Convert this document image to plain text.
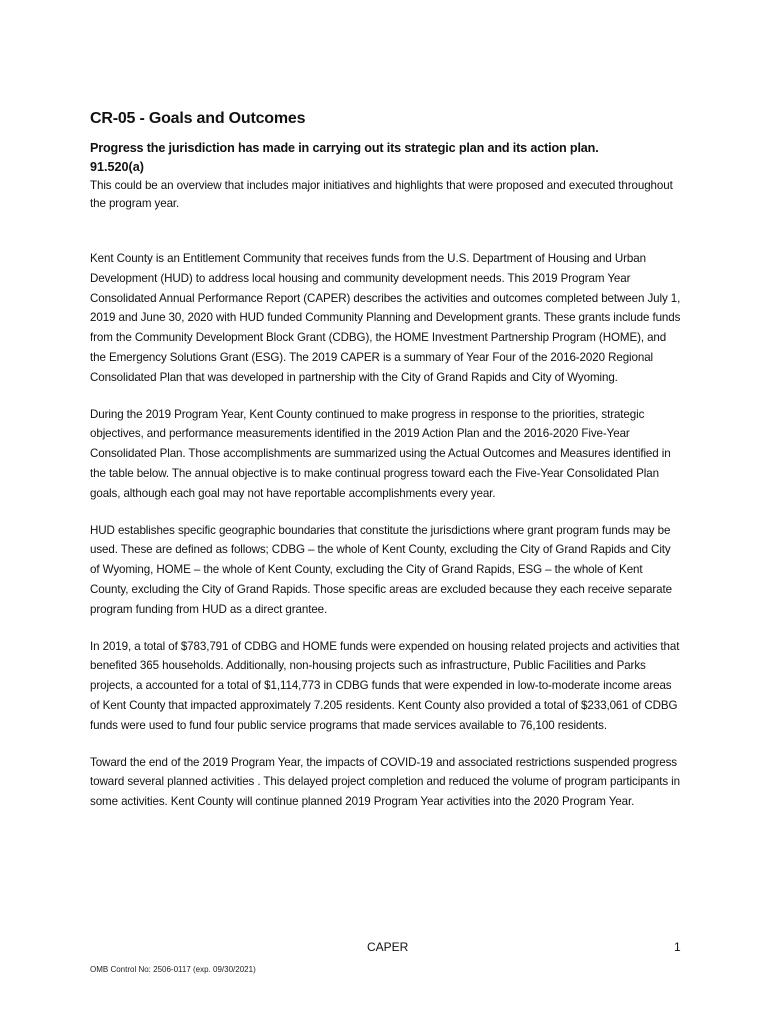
CR-05 - Goals and Outcomes
Progress the jurisdiction has made in carrying out its strategic plan and its action plan.
91.520(a)

This could be an overview that includes major initiatives and highlights that were proposed and executed throughout the program year.

Kent County is an Entitlement Community that receives funds from the U.S. Department of Housing and Urban Development (HUD) to address local housing and community development needs. This 2019 Program Year Consolidated Annual Performance Report (CAPER) describes the activities and outcomes completed between July 1, 2019 and June 30, 2020 with HUD funded Community Planning and Development grants. These grants include funds from the Community Development Block Grant (CDBG), the HOME Investment Partnership Program (HOME), and the Emergency Solutions Grant (ESG). The 2019 CAPER is a summary of Year Four of the 2016-2020 Regional Consolidated Plan that was developed in partnership with the City of Grand Rapids and City of Wyoming.

During the 2019 Program Year, Kent County continued to make progress in response to the priorities, strategic objectives, and performance measurements identified in the 2019 Action Plan and the 2016-2020 Five-Year Consolidated Plan. Those accomplishments are summarized using the Actual Outcomes and Measures identified in the table below. The annual objective is to make continual progress toward each the Five-Year Consolidated Plan goals, although each goal may not have reportable accomplishments every year.

HUD establishes specific geographic boundaries that constitute the jurisdictions where grant program funds may be used. These are defined as follows; CDBG – the whole of Kent County, excluding the City of Grand Rapids and City of Wyoming, HOME – the whole of Kent County, excluding the City of Grand Rapids, ESG – the whole of Kent County, excluding the City of Grand Rapids. Those specific areas are excluded because they each receive separate program funding from HUD as a direct grantee.

In 2019, a total of $783,791 of CDBG and HOME funds were expended on housing related projects and activities that benefited 365 households. Additionally, non-housing projects such as infrastructure, Public Facilities and Parks projects, a accounted for a total of $1,114,773 in CDBG funds that were expended in low-to-moderate income areas of Kent County that impacted approximately 7.205 residents. Kent County also provided a total of $233,061 of CDBG funds were used to fund four public service programs that made services available to 76,100 residents.

Toward the end of the 2019 Program Year, the impacts of COVID-19 and associated restrictions suspended progress toward several planned activities . This delayed project completion and reduced the volume of program participants in some activities. Kent County will continue planned 2019 Program Year activities into the 2020 Program Year.

CAPER	1
OMB Control No: 2506-0117 (exp. 09/30/2021)
